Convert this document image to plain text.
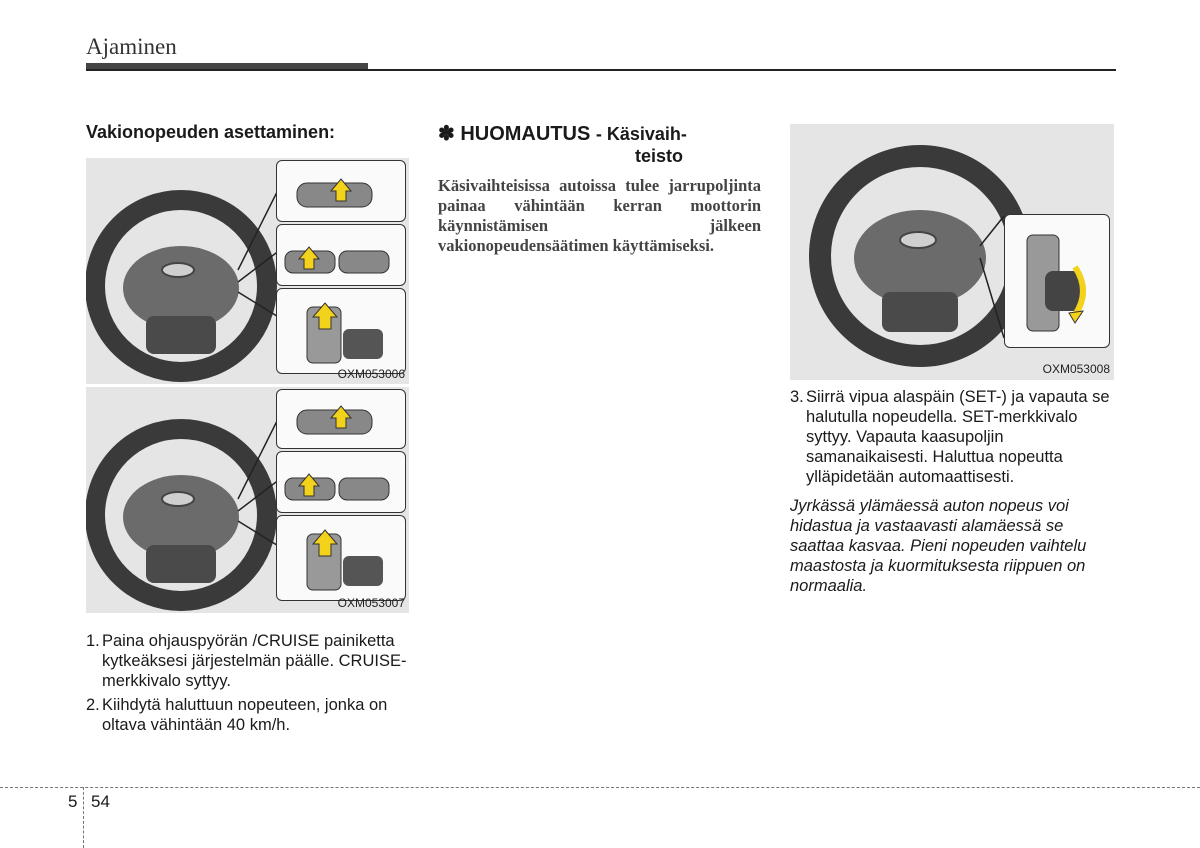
Ajaminen
Vakionopeuden asettaminen:
OXM053006
OXM053007
1. Paina ohjauspyörän /CRUISE painiketta kytkeäksesi järjestelmän päälle. CRUISE-merkkivalo syttyy.
2. Kiihdytä haluttuun nopeuteen, jonka on oltava vähintään 40 km/h.
✽ HUOMAUTUS - Käsivaih-
teisto
Käsivaihteisissa autoissa tulee jarrupoljinta painaa vähintään kerran moottorin käynnistämisen jälkeen vakionopeudensäätimen käyttämiseksi.
OXM053008
3. Siirrä vipua alaspäin (SET-) ja vapauta se halutulla nopeudella. SET-merkkivalo syttyy. Vapauta kaasupoljin samanaikaisesti. Haluttua nopeutta ylläpidetään automaattisesti.
Jyrkässä ylämäessä auton nopeus voi hidastua ja vastaavasti alamäessä se saattaa kasvaa. Pieni nopeuden vaihtelu maastosta ja kuormituksesta riippuen on normaalia.
5 54
